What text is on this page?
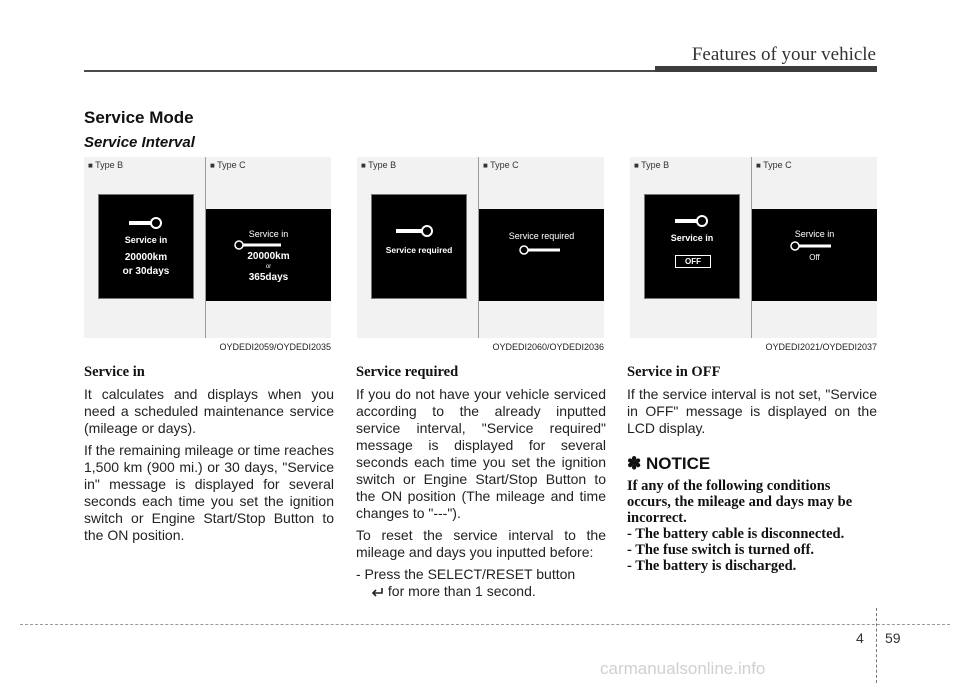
Features of your vehicle
Service Mode
Service Interval
■ Type B	■ Type C
Service in
20000km
or 30days
Service in
20000km
or
365days
OYDEDI2059/OYDEDI2035
■ Type B	■ Type C
Service required
Service required
OYDEDI2060/OYDEDI2036
■ Type B	■ Type C
Service in
OFF
Service in
Off
OYDEDI2021/OYDEDI2037
Service in

It calculates and displays when you need a scheduled maintenance service (mileage or days).

If the remaining mileage or time reaches 1,500 km (900 mi.) or 30 days, "Service in" message is displayed for several seconds each time you set the ignition switch or Engine Start/Stop Button to the ON position.

Service required

If you do not have your vehicle serviced according to the already inputted service interval, "Service required" message is displayed for several seconds each time you set the ignition switch or Engine Start/Stop Button to the ON position (The mileage and time changes to "---").

To reset the service interval to the mileage and days you inputted before:

- Press the SELECT/RESET button
for more than 1 second.

Service in OFF

If the service interval is not set, "Service in OFF" message is displayed on the LCD display.

✽ NOTICE
If any of the following conditions occurs, the mileage and days may be incorrect.
- The battery cable is disconnected.
- The fuse switch is turned off.
- The battery is discharged.
4 59
carmanualsonline.info
